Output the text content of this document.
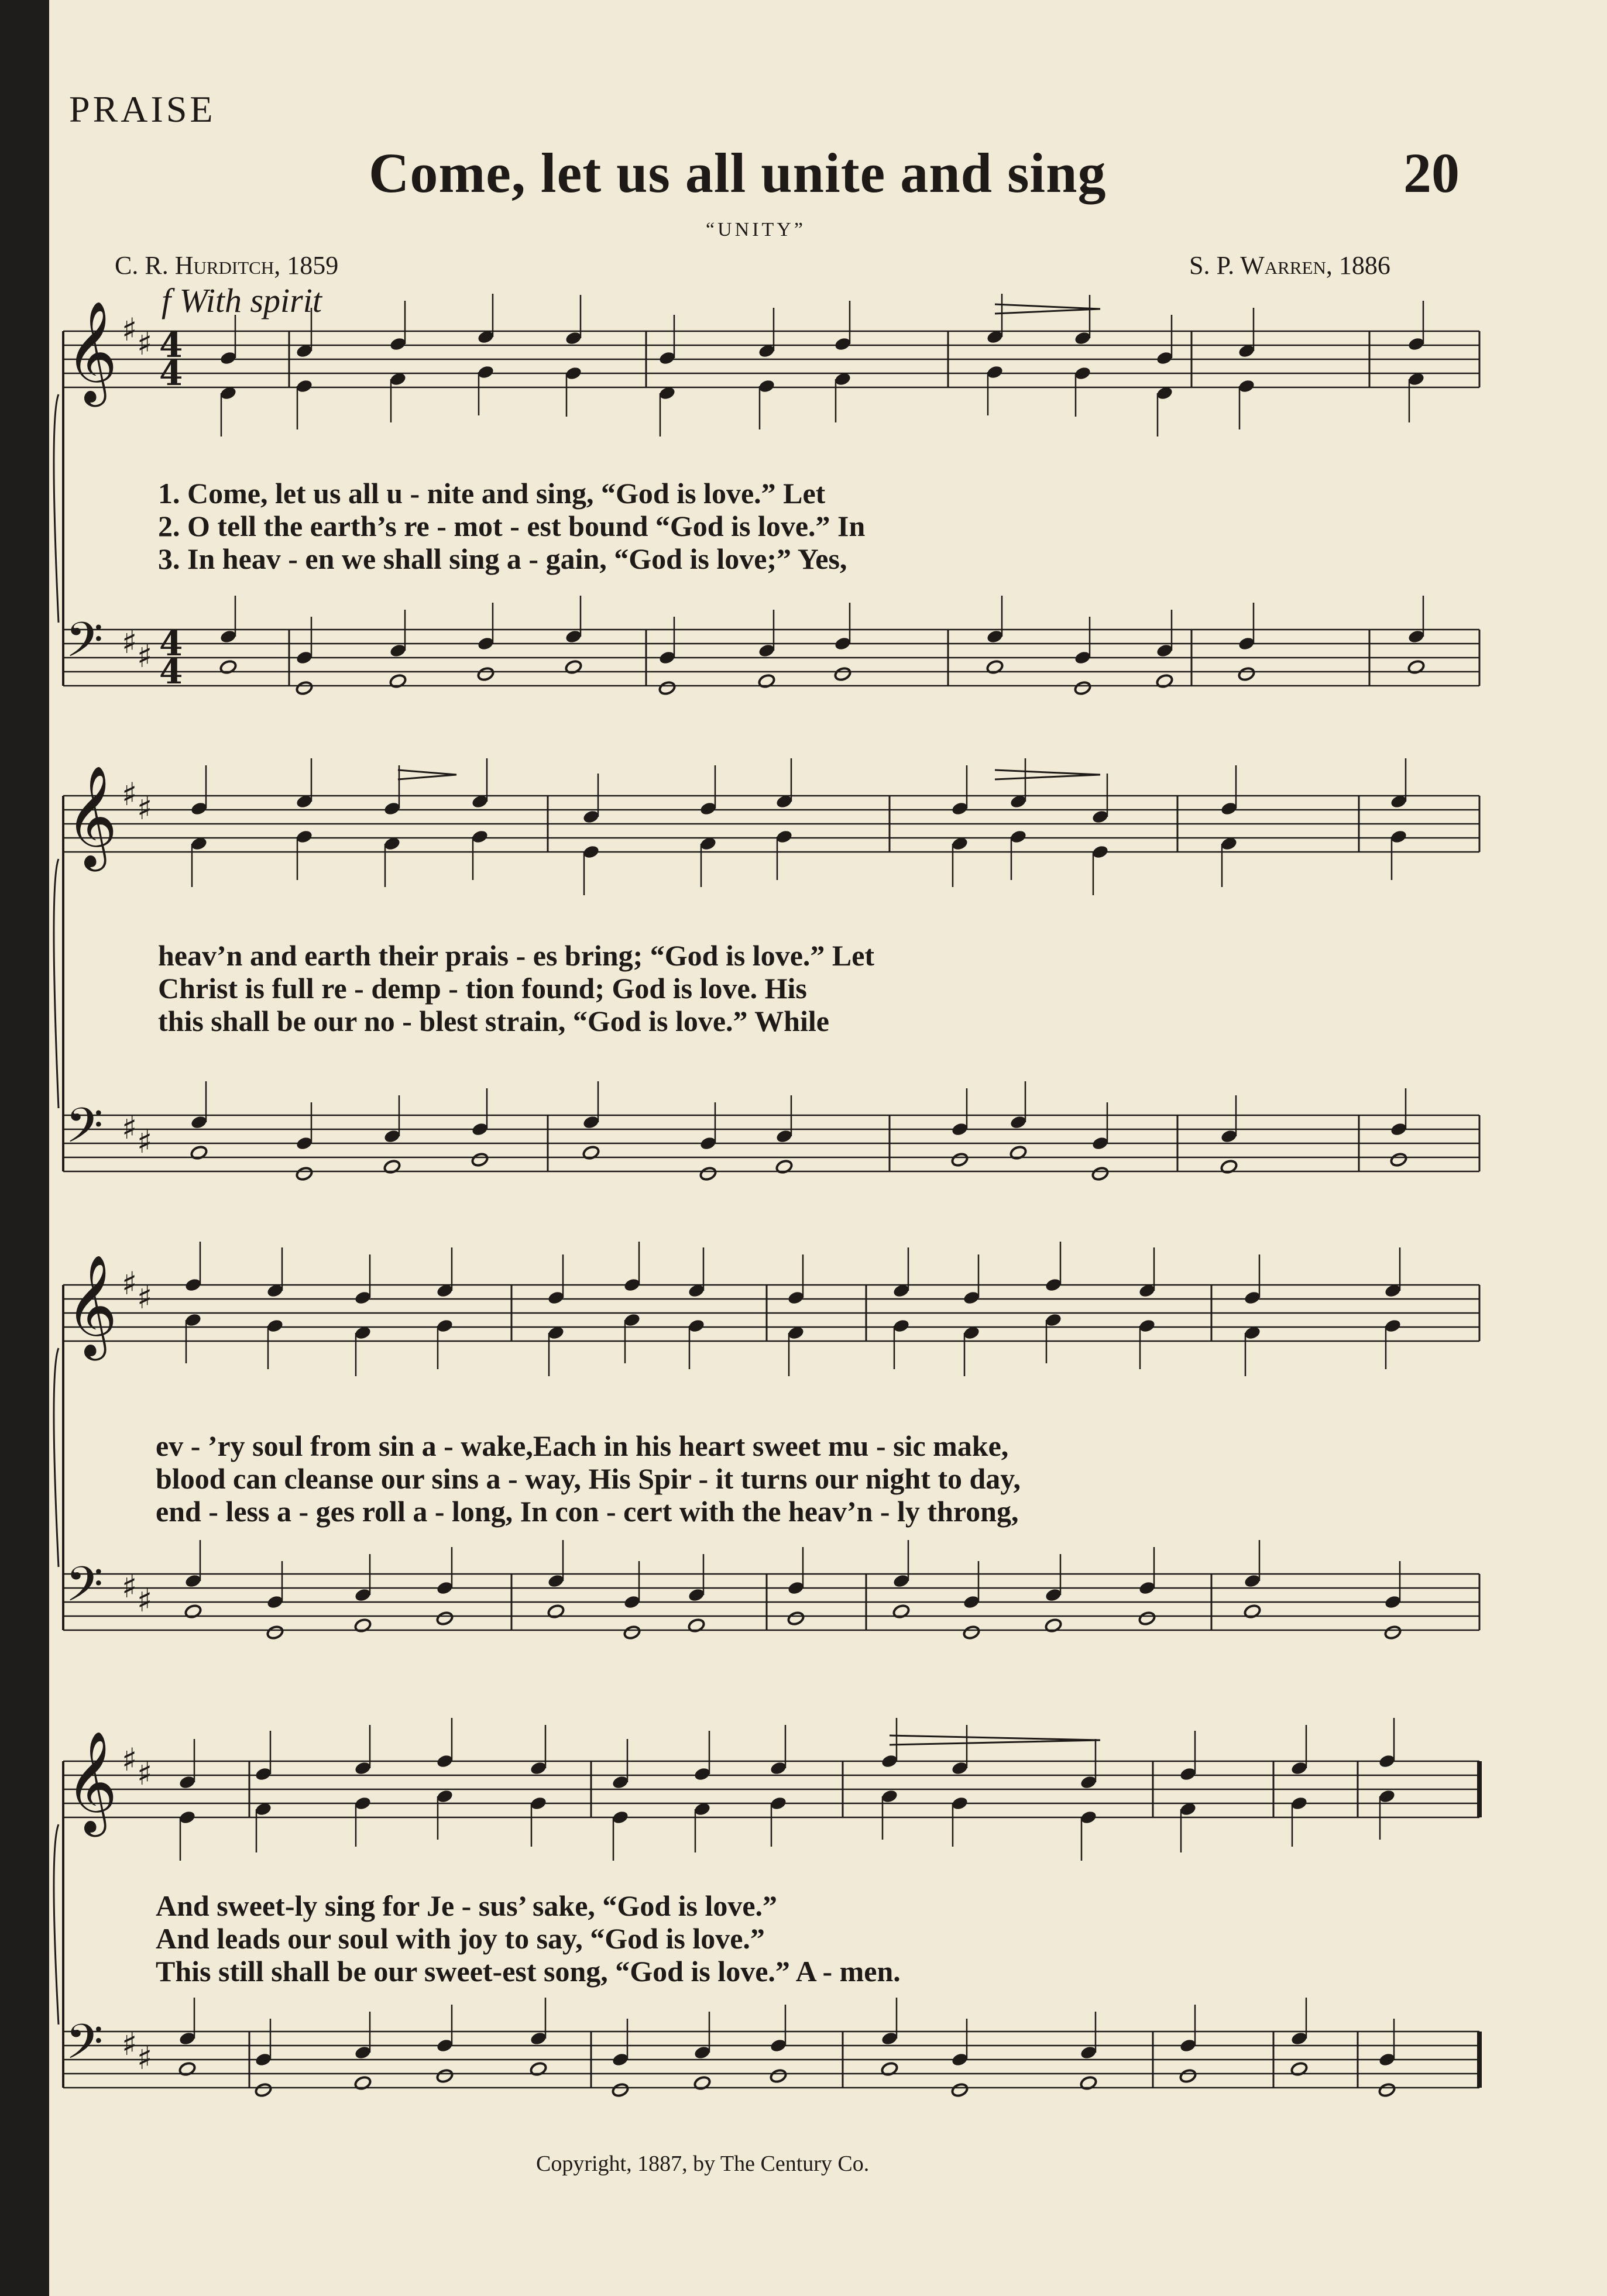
PRAISE
Come, let us all unite and sing	20
“UNITY”
C. R. Hurditch, 1859	S. P. Warren, 1886
f With spirit
𝄞 ♯ ♯ 4
4
𝄢 ♯ ♯ 4
4
𝄞 ♯ ♯
𝄢 ♯ ♯
𝄞 ♯ ♯
𝄢 ♯ ♯
𝄞 ♯ ♯
𝄢 ♯ ♯
1. Come, let us all u - nite and sing, “God is love.” Let
2. O tell the earth’s re - mot - est bound “God is love.” In
3. In heav - en we shall sing a - gain, “God is love;” Yes,
heav’n and earth their prais - es bring; “God is love.” Let
Christ is full re - demp - tion found; God is love. His
this shall be our no - blest strain, “God is love.” While
ev - ’ry soul from sin a - wake,Each in his heart sweet mu - sic make,
blood can cleanse our sins a - way, His Spir - it turns our night to day,
end - less a - ges roll a - long, In con - cert with the heav’n - ly throng,
And sweet-ly sing for Je - sus’ sake, “God is love.”
And leads our soul with joy to say, “God is love.”
This still shall be our sweet-est song, “God is love.” A - men.
Copyright, 1887, by The Century Co.
